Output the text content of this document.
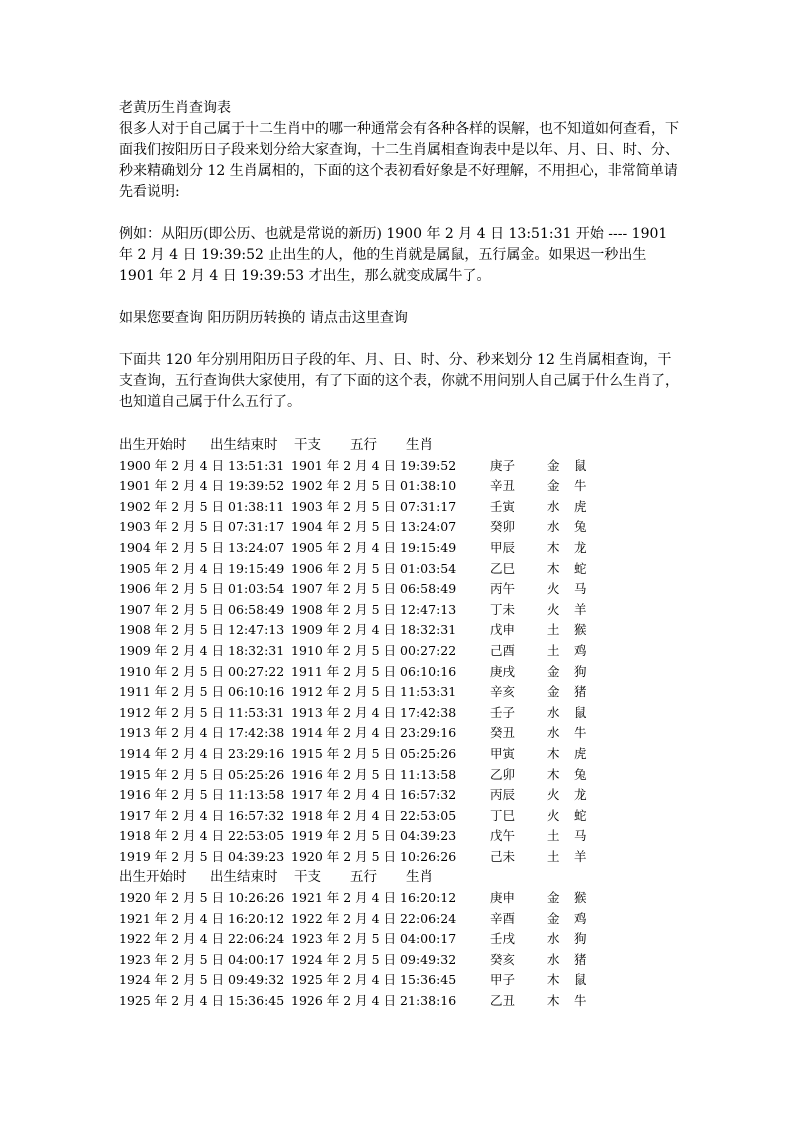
老黄历生肖查询表

很多人对于自己属于十二生肖中的哪一种通常会有各种各样的误解，也不知道如何查看，下面我们按阳历日子段来划分给大家查询，十二生肖属相查询表中是以年、月、日、时、分、秒来精确划分 12 生肖属相的，下面的这个表初看好象是不好理解，不用担心，非常简单请先看说明:

例如：从阳历(即公历、也就是常说的新历) 1900 年 2 月 4 日 13:51:31 开始 ---- 1901 年 2 月 4 日 19:39:52 止出生的人，他的生肖就是属鼠，五行属金。如果迟一秒出生 1901 年 2 月 4 日 19:39:53 才出生，那么就变成属牛了。

如果您要查询 阳历阴历转换的 请点击这里查询

下面共 120 年分别用阳历日子段的年、月、日、时、分、秒来划分 12 生肖属相查询，干支查询，五行查询供大家使用，有了下面的这个表，你就不用问别人自己属于什么生肖了，也知道自己属于什么五行了。

出生开始时 出生结束时 干支 五行 生肖
1900 年 2 月 4 日 13:51:31 1901 年 2 月 4 日 19:39:52	庚子	金 鼠
1901 年 2 月 4 日 19:39:52 1902 年 2 月 5 日 01:38:10	辛丑	金 牛
1902 年 2 月 5 日 01:38:11 1903 年 2 月 5 日 07:31:17	壬寅	水 虎
1903 年 2 月 5 日 07:31:17 1904 年 2 月 5 日 13:24:07	癸卯	水 兔
1904 年 2 月 5 日 13:24:07 1905 年 2 月 4 日 19:15:49	甲辰	木 龙
1905 年 2 月 4 日 19:15:49 1906 年 2 月 5 日 01:03:54	乙巳	木 蛇
1906 年 2 月 5 日 01:03:54 1907 年 2 月 5 日 06:58:49	丙午	火 马
1907 年 2 月 5 日 06:58:49 1908 年 2 月 5 日 12:47:13	丁未	火 羊
1908 年 2 月 5 日 12:47:13 1909 年 2 月 4 日 18:32:31	戊申	土 猴
1909 年 2 月 4 日 18:32:31 1910 年 2 月 5 日 00:27:22	己酉	土 鸡
1910 年 2 月 5 日 00:27:22 1911 年 2 月 5 日 06:10:16	庚戌	金 狗
1911 年 2 月 5 日 06:10:16 1912 年 2 月 5 日 11:53:31	辛亥	金 猪
1912 年 2 月 5 日 11:53:31 1913 年 2 月 4 日 17:42:38	壬子	水 鼠
1913 年 2 月 4 日 17:42:38 1914 年 2 月 4 日 23:29:16	癸丑	水 牛
1914 年 2 月 4 日 23:29:16 1915 年 2 月 5 日 05:25:26	甲寅	木 虎
1915 年 2 月 5 日 05:25:26 1916 年 2 月 5 日 11:13:58	乙卯	木 兔
1916 年 2 月 5 日 11:13:58 1917 年 2 月 4 日 16:57:32	丙辰	火 龙
1917 年 2 月 4 日 16:57:32 1918 年 2 月 4 日 22:53:05	丁巳	火 蛇
1918 年 2 月 4 日 22:53:05 1919 年 2 月 5 日 04:39:23	戊午	土 马
1919 年 2 月 5 日 04:39:23 1920 年 2 月 5 日 10:26:26	己未	土 羊
出生开始时 出生结束时 干支 五行 生肖
1920 年 2 月 5 日 10:26:26 1921 年 2 月 4 日 16:20:12	庚申	金 猴
1921 年 2 月 4 日 16:20:12 1922 年 2 月 4 日 22:06:24	辛酉	金 鸡
1922 年 2 月 4 日 22:06:24 1923 年 2 月 5 日 04:00:17	壬戌	水 狗
1923 年 2 月 5 日 04:00:17 1924 年 2 月 5 日 09:49:32	癸亥	水 猪
1924 年 2 月 5 日 09:49:32 1925 年 2 月 4 日 15:36:45	甲子	木 鼠
1925 年 2 月 4 日 15:36:45 1926 年 2 月 4 日 21:38:16	乙丑	木 牛
